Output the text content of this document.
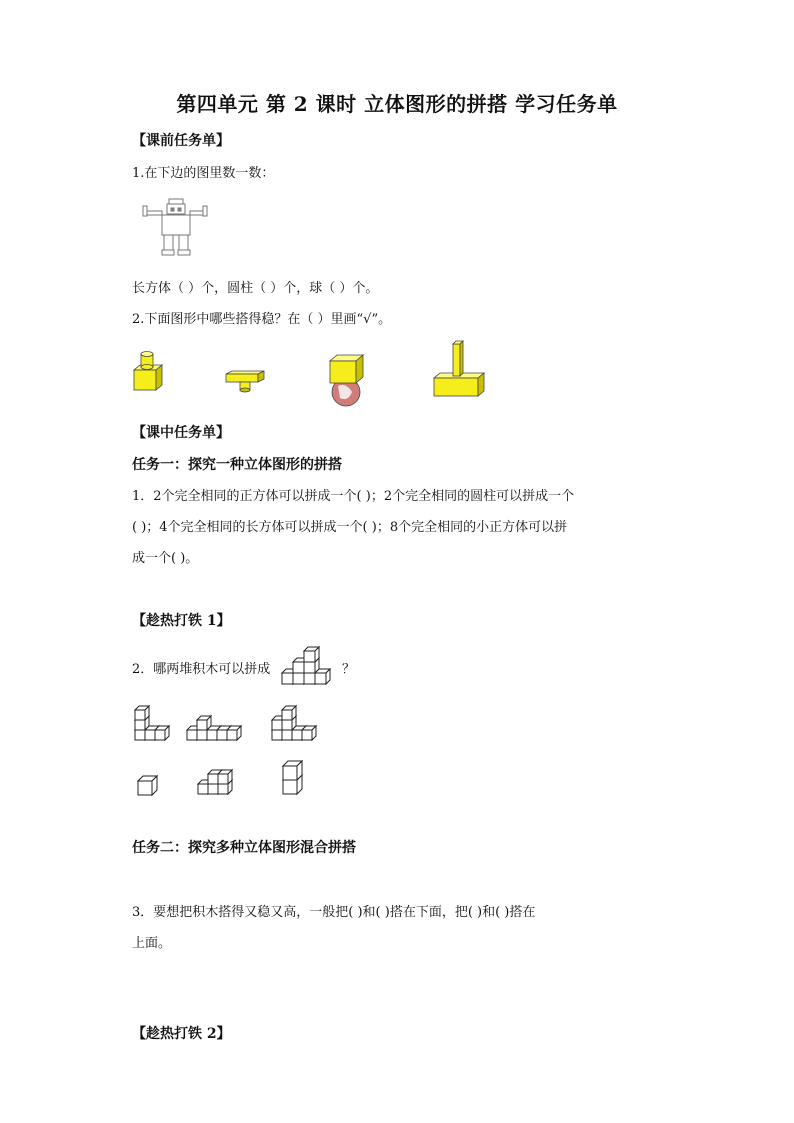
第四单元 第 2 课时 立体图形的拼搭 学习任务单
【课前任务单】
1.在下边的图里数一数：
长方体（ ）个，圆柱（ ）个，球（ ）个。
2.下面图形中哪些搭得稳？在（ ）里画“√”。
【课中任务单】
任务一：探究一种立体图形的拼搭
1．2个完全相同的正方体可以拼成一个( )；2个完全相同的圆柱可以拼成一个
( )；4个完全相同的长方体可以拼成一个( )；8个完全相同的小正方体可以拼
成一个( )。
【趁热打铁 1】
2．哪两堆积木可以拼成	？
任务二：探究多种立体图形混合拼搭
3．要想把积木搭得又稳又高，一般把( )和( )搭在下面，把( )和( )搭在
上面。
【趁热打铁 2】
